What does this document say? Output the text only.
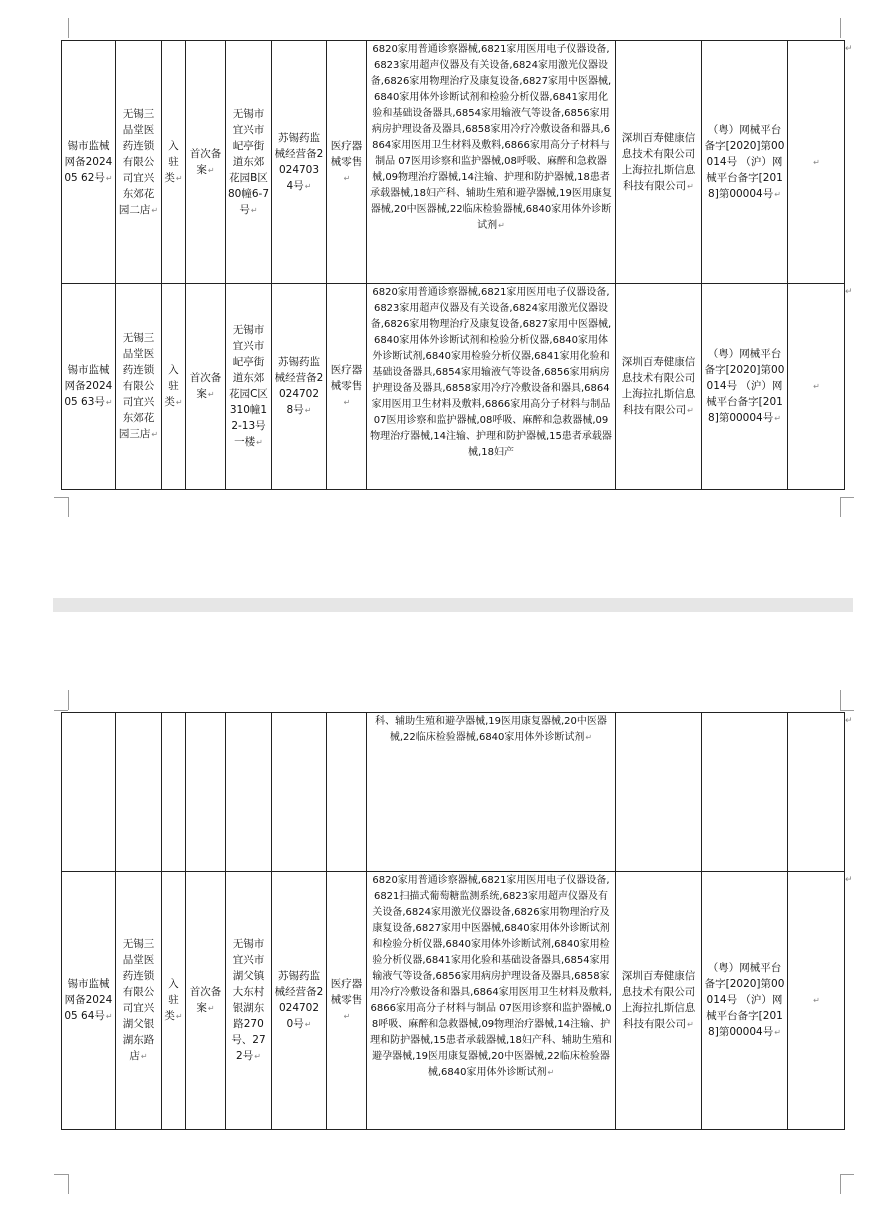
锡市监械网备202405 62号↵	无锡三品堂医药连锁有限公司宜兴东郊花园二店↵	入驻类↵	首次备案↵	无锡市宜兴市屺亭街道东郊花园B区80幢6-7号↵	苏锡药监械经营备2024703 4号↵	医疗器械零售↵	6820家用普通诊察器械,6821家用医用电子仪器设备,6823家用超声仪器及有关设备,6824家用激光仪器设备,6826家用物理治疗及康复设备,6827家用中医器械,6840家用体外诊断试剂和检验分析仪器,6841家用化验和基础设备器具,6854家用输液气等设备,6856家用病房护理设备及器具,6858家用冷疗冷敷设备和器具,6864家用医用卫生材料及敷料,6866家用高分子材料与制品 07医用诊察和监护器械,08呼吸、麻醉和急救器械,09物理治疗器械,14注输、护理和防护器械,18患者承载器械,18妇产科、辅助生殖和避孕器械,19医用康复器械,20中医器械,22临床检验器械,6840家用体外诊断试剂↵	深圳百寿健康信息技术有限公司 上海拉扎斯信息科技有限公司↵	（粤）网械平台备字[2020]第00014号 （沪）网械平台备字[2018]第00004号↵	↵
锡市监械网备202405 63号↵	无锡三品堂医药连锁有限公司宜兴东郊花园三店↵	入驻类↵	首次备案↵	无锡市宜兴市屺亭街道东郊花园C区310幢12-13号一楼↵	苏锡药监械经营备2024702 8号↵	医疗器械零售↵	6820家用普通诊察器械,6821家用医用电子仪器设备,6823家用超声仪器及有关设备,6824家用激光仪器设备,6826家用物理治疗及康复设备,6827家用中医器械,6840家用体外诊断试剂和检验分析仪器,6840家用体外诊断试剂,6840家用检验分析仪器,6841家用化验和基础设备器具,6854家用输液气等设备,6856家用病房护理设备及器具,6858家用冷疗冷敷设备和器具,6864家用医用卫生材料及敷料,6866家用高分子材料与制品 07医用诊察和监护器械,08呼吸、麻醉和急救器械,09物理治疗器械,14注输、护理和防护器械,15患者承载器械,18妇产	深圳百寿健康信息技术有限公司 上海拉扎斯信息科技有限公司↵	（粤）网械平台备字[2020]第00014号 （沪）网械平台备字[2018]第00004号↵	↵
↵
↵
							科、辅助生殖和避孕器械,19医用康复器械,20中医器械,22临床检验器械,6840家用体外诊断试剂↵			
锡市监械网备202405 64号↵	无锡三品堂医药连锁有限公司宜兴湖父银湖东路店↵	入驻类↵	首次备案↵	无锡市宜兴市湖父镇大东村银湖东路270号、272号↵	苏锡药监械经营备2024702 0号↵	医疗器械零售↵	6820家用普通诊察器械,6821家用医用电子仪器设备,6821扫描式葡萄糖监测系统,6823家用超声仪器及有关设备,6824家用激光仪器设备,6826家用物理治疗及康复设备,6827家用中医器械,6840家用体外诊断试剂和检验分析仪器,6840家用体外诊断试剂,6840家用检验分析仪器,6841家用化验和基础设备器具,6854家用输液气等设备,6856家用病房护理设备及器具,6858家用冷疗冷敷设备和器具,6864家用医用卫生材料及敷料,6866家用高分子材料与制品 07医用诊察和监护器械,08呼吸、麻醉和急救器械,09物理治疗器械,14注输、护理和防护器械,15患者承载器械,18妇产科、辅助生殖和避孕器械,19医用康复器械,20中医器械,22临床检验器械,6840家用体外诊断试剂↵	深圳百寿健康信息技术有限公司 上海拉扎斯信息科技有限公司↵	（粤）网械平台备字[2020]第00014号 （沪）网械平台备字[2018]第00004号↵	↵
↵
↵
